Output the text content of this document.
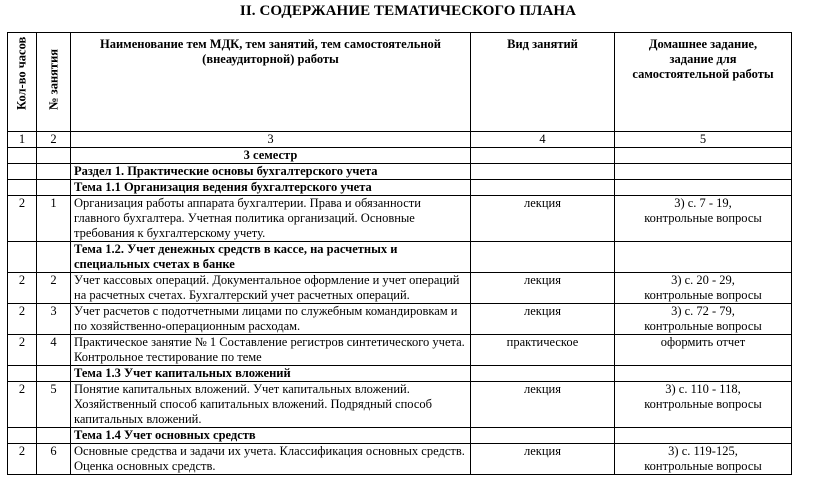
II. СОДЕРЖАНИЕ ТЕМАТИЧЕСКОГО ПЛАНА
Кол-во часов	№ занятия	Наименование тем МДК, тем занятий, тем самостоятельной (внеаудиторной) работы	Вид занятий	Домашнее задание, задание для самостоятельной работы
1	2	3	4	5
		3 семестр		
		Раздел 1. Практические основы бухгалтерского учета		
		Тема 1.1 Организация ведения бухгалтерского учета		
2	1	Организация работы аппарата бухгалтерии. Права и обязанности главного бухгалтера. Учетная политика организаций. Основные требования к бухгалтерскому учету.	лекция	3) с. 7 - 19,
контрольные вопросы
		Тема 1.2. Учет денежных средств в кассе, на расчетных и специальных счетах в банке		
2	2	Учет кассовых операций. Документальное оформление и учет операций на расчетных счетах. Бухгалтерский учет расчетных операций.	лекция	3) с. 20 - 29,
контрольные вопросы
2	3	Учет расчетов с подотчетными лицами по служебным командировкам и по хозяйственно-операционным расходам.	лекция	3) с. 72 - 79,
контрольные вопросы
2	4	Практическое занятие № 1 Составление регистров синтетического учета. Контрольное тестирование по теме	практическое	оформить отчет
		Тема 1.3 Учет капитальных вложений		
2	5	Понятие капитальных вложений. Учет капитальных вложений. Хозяйственный способ капитальных вложений. Подрядный способ капитальных вложений.	лекция	3) с. 110 - 118,
контрольные вопросы
		Тема 1.4 Учет основных средств		
2	6	Основные средства и задачи их учета. Классификация основных средств. Оценка основных средств.	лекция	3) с. 119-125,
контрольные вопросы
